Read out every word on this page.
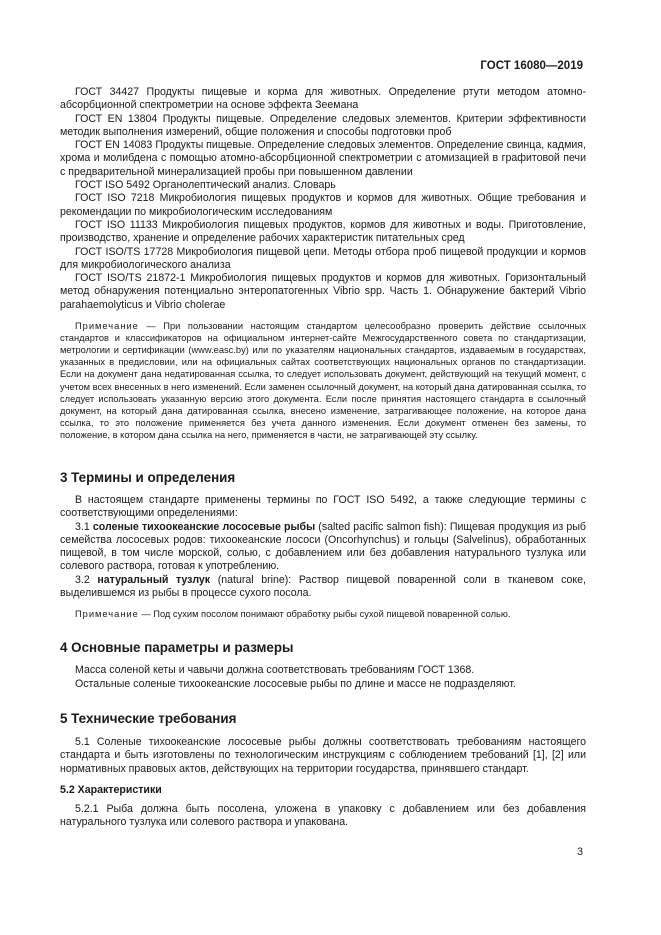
ГОСТ 16080—2019

ГОСТ 34427 Продукты пищевые и корма для животных. Определение ртути методом атомно-абсорбционной спектрометрии на основе эффекта Зеемана

ГОСТ EN 13804 Продукты пищевые. Определение следовых элементов. Критерии эффективности методик выполнения измерений, общие положения и способы подготовки проб

ГОСТ EN 14083 Продукты пищевые. Определение следовых элементов. Определение свинца, кадмия, хрома и молибдена с помощью атомно-абсорбционной спектрометрии с атомизацией в графитовой печи с предварительной минерализацией пробы при повышенном давлении

ГОСТ ISO 5492 Органолептический анализ. Словарь

ГОСТ ISO 7218 Микробиология пищевых продуктов и кормов для животных. Общие требования и рекомендации по микробиологическим исследованиям

ГОСТ ISO 11133 Микробиология пищевых продуктов, кормов для животных и воды. Приготовление, производство, хранение и определение рабочих характеристик питательных сред

ГОСТ ISO/TS 17728 Микробиология пищевой цепи. Методы отбора проб пищевой продукции и кормов для микробиологического анализа

ГОСТ ISO/TS 21872-1 Микробиология пищевых продуктов и кормов для животных. Горизонтальный метод обнаружения потенциально энтеропатогенных Vibrio spp. Часть 1. Обнаружение бактерий Vibrio parahaemolyticus и Vibrio cholerae

Примечание — При пользовании настоящим стандартом целесообразно проверить действие ссылочных стандартов и классификаторов на официальном интернет-сайте Межгосударственного совета по стандартизации, метрологии и сертификации (www.easc.by) или по указателям национальных стандартов, издаваемым в государствах, указанных в предисловии, или на официальных сайтах соответствующих национальных органов по стандартизации. Если на документ дана недатированная ссылка, то следует использовать документ, действующий на текущий момент, с учетом всех внесенных в него изменений. Если заменен ссылочный документ, на который дана датированная ссылка, то следует использовать указанную версию этого документа. Если после принятия настоящего стандарта в ссылочный документ, на который дана датированная ссылка, внесено изменение, затрагивающее положение, на которое дана ссылка, то это положение применяется без учета данного изменения. Если документ отменен без замены, то положение, в котором дана ссылка на него, применяется в части, не затрагивающей эту ссылку.

3 Термины и определения

В настоящем стандарте применены термины по ГОСТ ISO 5492, а также следующие термины с соответствующими определениями:

3.1 соленые тихоокеанские лососевые рыбы (salted pacific salmon fish): Пищевая продукция из рыб семейства лососевых родов: тихоокеанские лососи (Oncorhynchus) и гольцы (Salvelinus), обработанных пищевой, в том числе морской, солью, с добавлением или без добавления натурального тузлука или солевого раствора, готовая к употреблению.

3.2 натуральный тузлук (natural brine): Раствор пищевой поваренной соли в тканевом соке, выделившемся из рыбы в процессе сухого посола.

Примечание — Под сухим посолом понимают обработку рыбы сухой пищевой поваренной солью.

4 Основные параметры и размеры

Масса соленой кеты и чавычи должна соответствовать требованиям ГОСТ 1368.

Остальные соленые тихоокеанские лососевые рыбы по длине и массе не подразделяют.

5 Технические требования

5.1 Соленые тихоокеанские лососевые рыбы должны соответствовать требованиям настоящего стандарта и быть изготовлены по технологическим инструкциям с соблюдением требований [1], [2] или нормативных правовых актов, действующих на территории государства, принявшего стандарт.

5.2 Характеристики

5.2.1 Рыба должна быть посолена, уложена в упаковку с добавлением или без добавления натурального тузлука или солевого раствора и упакована.

3
